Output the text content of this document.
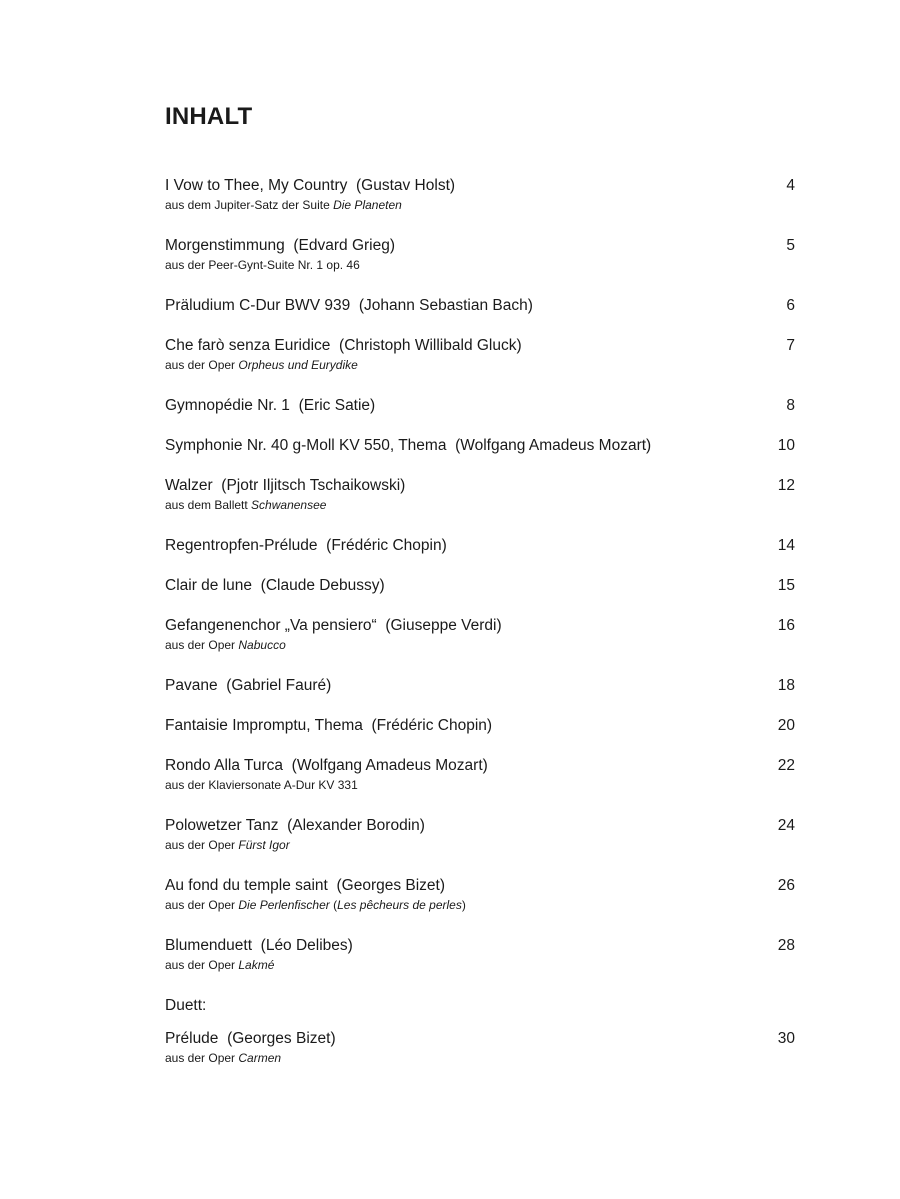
INHALT
I Vow to Thee, My Country (Gustav Holst)	4
aus dem Jupiter-Satz der Suite Die Planeten
Morgenstimmung (Edvard Grieg)	5
aus der Peer-Gynt-Suite Nr. 1 op. 46
Präludium C-Dur BWV 939 (Johann Sebastian Bach)	6
Che farò senza Euridice (Christoph Willibald Gluck)	7
aus der Oper Orpheus und Eurydike
Gymnopédie Nr. 1 (Eric Satie)	8
Symphonie Nr. 40 g-Moll KV 550, Thema (Wolfgang Amadeus Mozart)	10
Walzer (Pjotr Iljitsch Tschaikowski)	12
aus dem Ballett Schwanensee
Regentropfen-Prélude (Frédéric Chopin)	14
Clair de lune (Claude Debussy)	15
Gefangenenchor „Va pensiero“ (Giuseppe Verdi)	16
aus der Oper Nabucco
Pavane (Gabriel Fauré)	18
Fantaisie Impromptu, Thema (Frédéric Chopin)	20
Rondo Alla Turca (Wolfgang Amadeus Mozart)	22
aus der Klaviersonate A-Dur KV 331
Polowetzer Tanz (Alexander Borodin)	24
aus der Oper Fürst Igor
Au fond du temple saint (Georges Bizet)	26
aus der Oper Die Perlenfischer (Les pêcheurs de perles)
Blumenduett (Léo Delibes)	28
aus der Oper Lakmé
Duett:
Prélude (Georges Bizet)	30
aus der Oper Carmen
